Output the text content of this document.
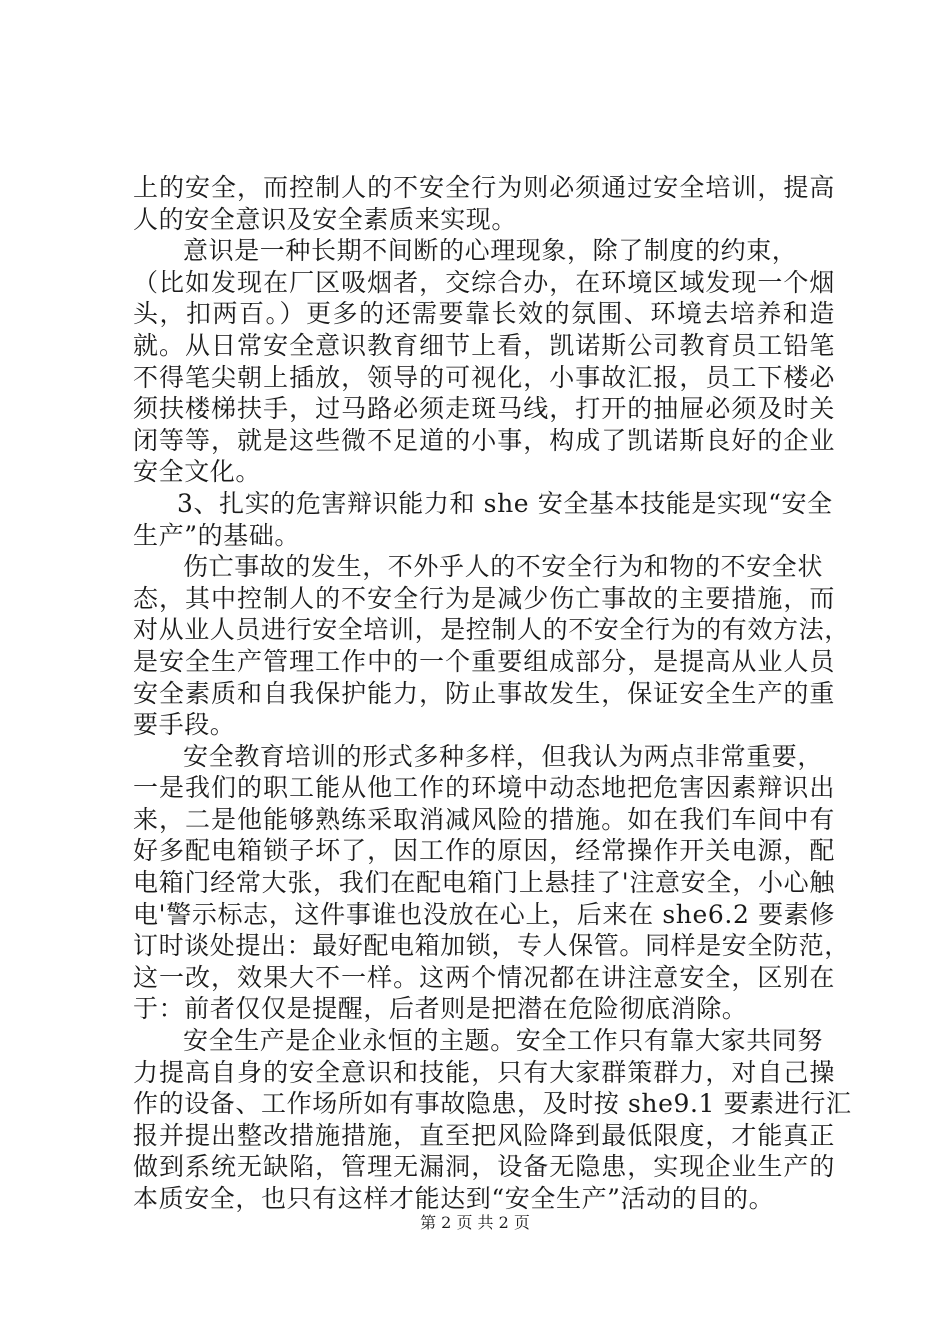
上的安全，而控制人的不安全行为则必须通过安全培训，提高
人的安全意识及安全素质来实现。
意识是一种长期不间断的心理现象，除了制度的约束，
（比如发现在厂区吸烟者，交综合办，在环境区域发现一个烟
头，扣两百。）更多的还需要靠长效的氛围、环境去培养和造
就。从日常安全意识教育细节上看，凯诺斯公司教育员工铅笔
不得笔尖朝上插放，领导的可视化，小事故汇报，员工下楼必
须扶楼梯扶手，过马路必须走斑马线，打开的抽屉必须及时关
闭等等，就是这些微不足道的小事，构成了凯诺斯良好的企业
安全文化。
3、扎实的危害辩识能力和 she 安全基本技能是实现“安全
生产”的基础。
伤亡事故的发生，不外乎人的不安全行为和物的不安全状
态，其中控制人的不安全行为是减少伤亡事故的主要措施，而
对从业人员进行安全培训，是控制人的不安全行为的有效方法，
是安全生产管理工作中的一个重要组成部分，是提高从业人员
安全素质和自我保护能力，防止事故发生，保证安全生产的重
要手段。
安全教育培训的形式多种多样，但我认为两点非常重要，
一是我们的职工能从他工作的环境中动态地把危害因素辩识出
来，二是他能够熟练采取消减风险的措施。如在我们车间中有
好多配电箱锁子坏了，因工作的原因，经常操作开关电源，配
电箱门经常大张，我们在配电箱门上悬挂了'注意安全，小心触
电'警示标志，这件事谁也没放在心上，后来在 she6.2 要素修
订时谈处提出：最好配电箱加锁，专人保管。同样是安全防范，
这一改，效果大不一样。这两个情况都在讲注意安全，区别在
于：前者仅仅是提醒，后者则是把潜在危险彻底消除。
安全生产是企业永恒的主题。安全工作只有靠大家共同努
力提高自身的安全意识和技能，只有大家群策群力，对自己操
作的设备、工作场所如有事故隐患，及时按 she9.1 要素进行汇
报并提出整改措施措施，直至把风险降到最低限度，才能真正
做到系统无缺陷，管理无漏洞，设备无隐患，实现企业生产的
本质安全，也只有这样才能达到“安全生产”活动的目的。
第 2 页 共 2 页
